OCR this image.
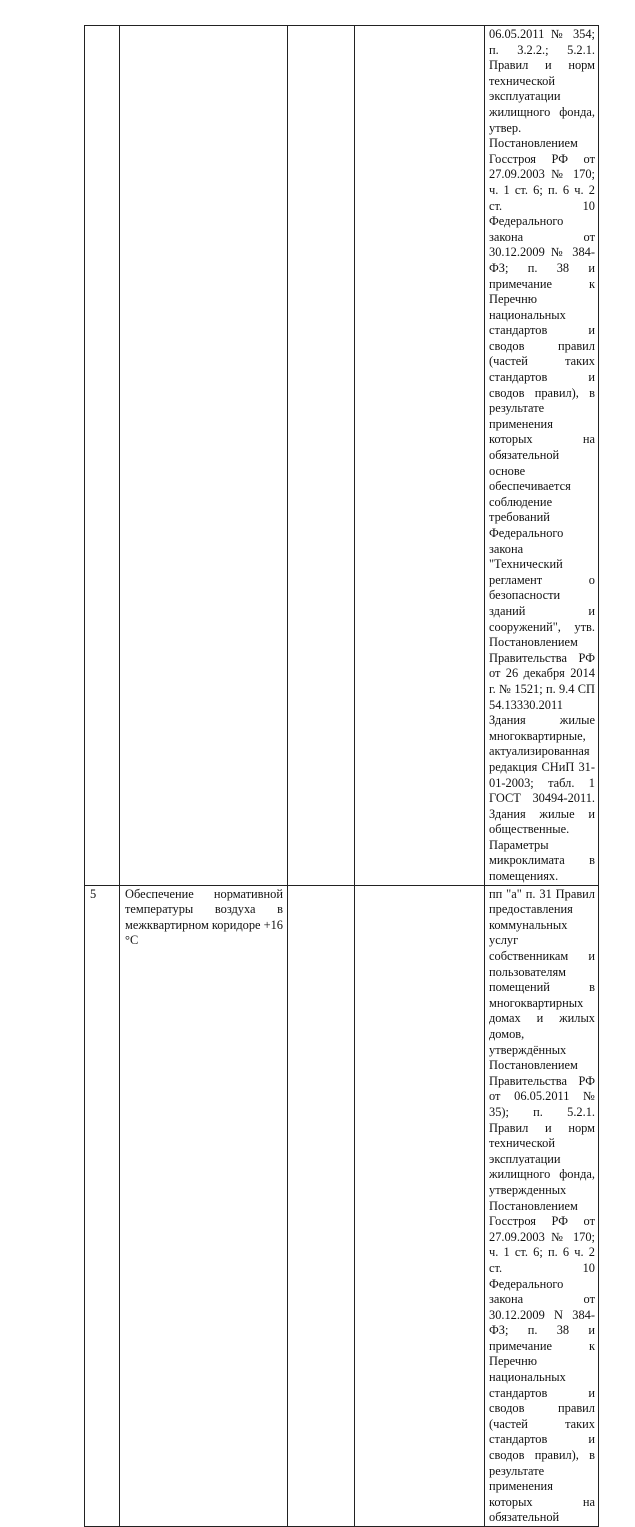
				06.05.2011 № 354; п. 3.2.2.; 5.2.1. Правил и норм технической эксплуатации жилищного фонда, утвер. Постановлением Госстроя РФ от 27.09.2003 № 170; ч. 1 ст. 6; п. 6 ч. 2 ст. 10 Федерального закона от 30.12.2009 № 384-ФЗ; п. 38 и примечание к Перечню национальных стандартов и сводов правил (частей таких стандартов и сводов правил), в результате применения которых на обязательной основе обеспечивается соблюдение требований Федерального закона "Технический регламент о безопасности зданий и сооружений", утв. Постановлением Правительства РФ от 26 декабря 2014 г. № 1521; п. 9.4 СП 54.13330.2011 Здания жилые многоквартирные, актуализированная редакция СНиП 31-01-2003; табл. 1 ГОСТ 30494-2011. Здания жилые и общественные. Параметры микроклимата в помещениях.

5	Обеспечение нормативной температуры воздуха в межквартирном коридоре +16 °С			пп "а" п. 31 Правил предоставления коммунальных услуг собственникам и пользователям помещений в многоквартирных домах и жилых домов, утверждённых Постановлением Правительства РФ от 06.05.2011 № 35); п. 5.2.1. Правил и норм технической эксплуатации жилищного фонда, утвержденных Постановлением Госстроя РФ от 27.09.2003 № 170; ч. 1 ст. 6; п. 6 ч. 2 ст. 10 Федерального закона от 30.12.2009 N 384-ФЗ; п. 38 и примечание к Перечню национальных стандартов и сводов правил (частей таких стандартов и сводов правил), в результате применения которых на обязательной
